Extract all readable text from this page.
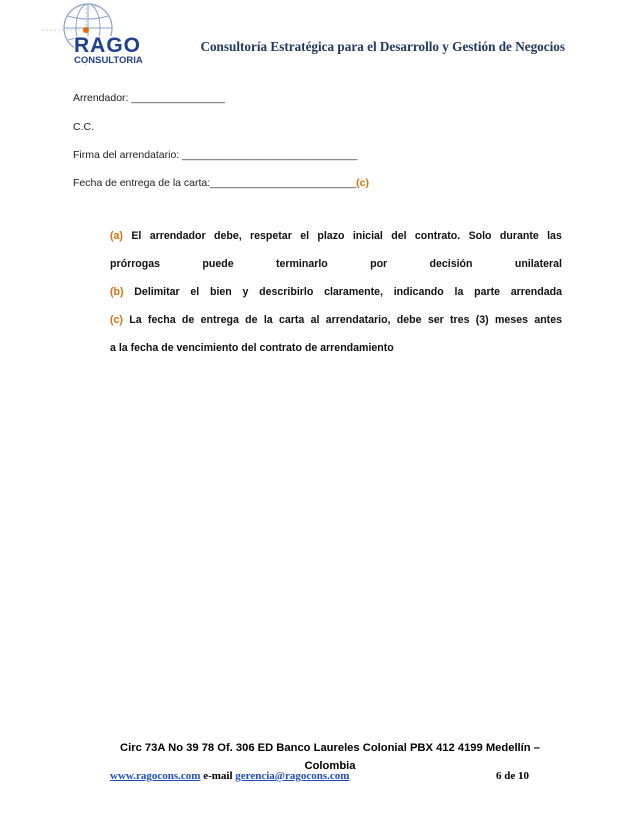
RAGO
CONSULTORIA
Consultoría Estratégica para el Desarrollo y Gestión de Negocios
Arrendador: ________________
C.C.
Firma del arrendatario: ______________________________
Fecha de entrega de la carta:_________________________(c)
(a) El arrendador debe, respetar el plazo inicial del contrato. Solo durante las
prórrogas	puede	terminarlo	por	decisión	unilateral
(b) Delimitar el bien y describirlo claramente, indicando la parte arrendada
(c) La fecha de entrega de la carta al arrendatario, debe ser tres (3) meses antes
a la fecha de vencimiento del contrato de arrendamiento
Circ 73A No 39 78 Of. 306 ED Banco Laureles Colonial PBX 412 4199 Medellín –
Colombia
www.ragocons.com e-mail gerencia@ragocons.com	6 de 10
